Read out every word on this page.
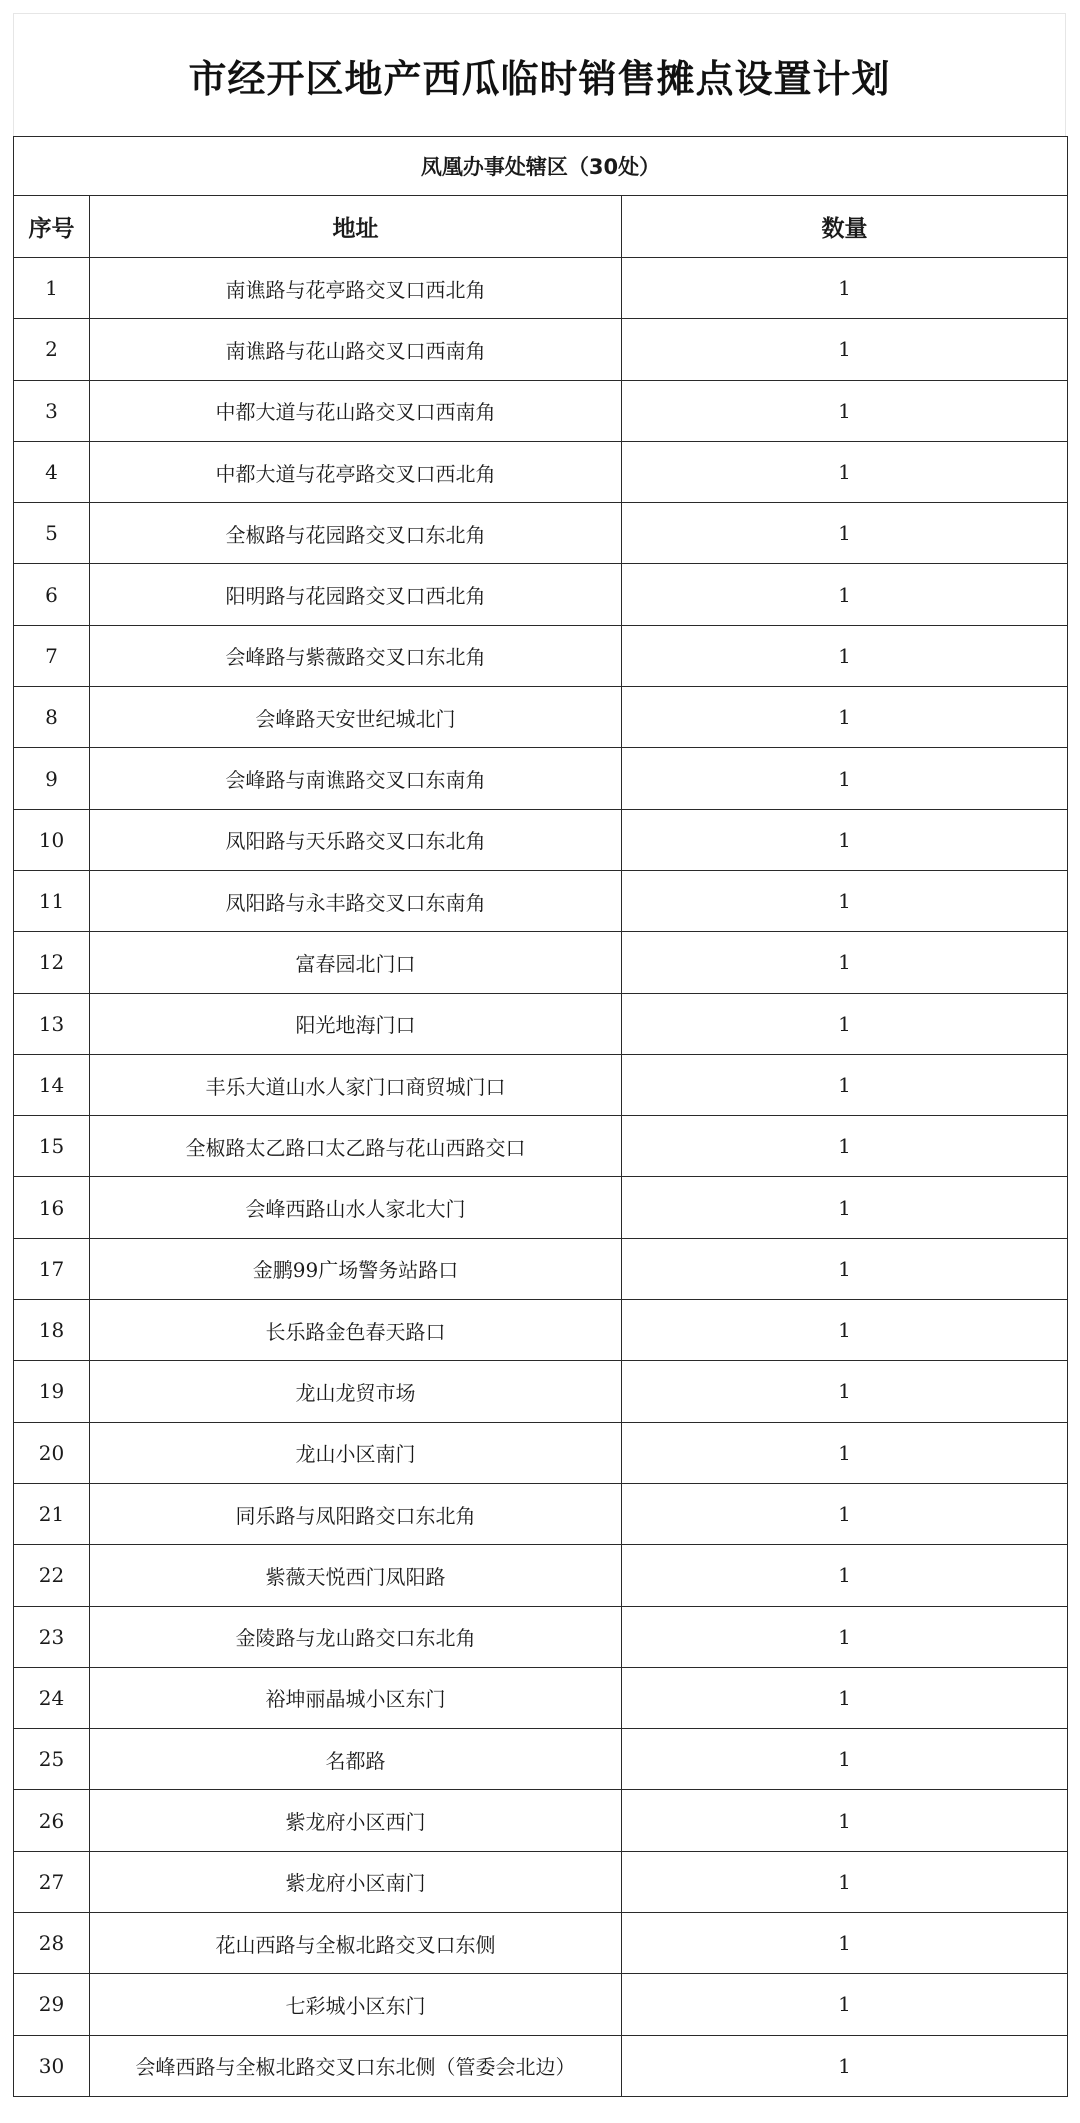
市经开区地产西瓜临时销售摊点设置计划
凤凰办事处辖区（30处）		
序号	地址	数量
1	南谯路与花亭路交叉口西北角	1
2	南谯路与花山路交叉口西南角	1
3	中都大道与花山路交叉口西南角	1
4	中都大道与花亭路交叉口西北角	1
5	全椒路与花园路交叉口东北角	1
6	阳明路与花园路交叉口西北角	1
7	会峰路与紫薇路交叉口东北角	1
8	会峰路天安世纪城北门	1
9	会峰路与南谯路交叉口东南角	1
10	凤阳路与天乐路交叉口东北角	1
11	凤阳路与永丰路交叉口东南角	1
12	富春园北门口	1
13	阳光地海门口	1
14	丰乐大道山水人家门口商贸城门口	1
15	全椒路太乙路口太乙路与花山西路交口	1
16	会峰西路山水人家北大门	1
17	金鹏99广场警务站路口	1
18	长乐路金色春天路口	1
19	龙山龙贸市场	1
20	龙山小区南门	1
21	同乐路与凤阳路交口东北角	1
22	紫薇天悦西门凤阳路	1
23	金陵路与龙山路交口东北角	1
24	裕坤丽晶城小区东门	1
25	名都路	1
26	紫龙府小区西门	1
27	紫龙府小区南门	1
28	花山西路与全椒北路交叉口东侧	1
29	七彩城小区东门	1
30	会峰西路与全椒北路交叉口东北侧（管委会北边）	1
